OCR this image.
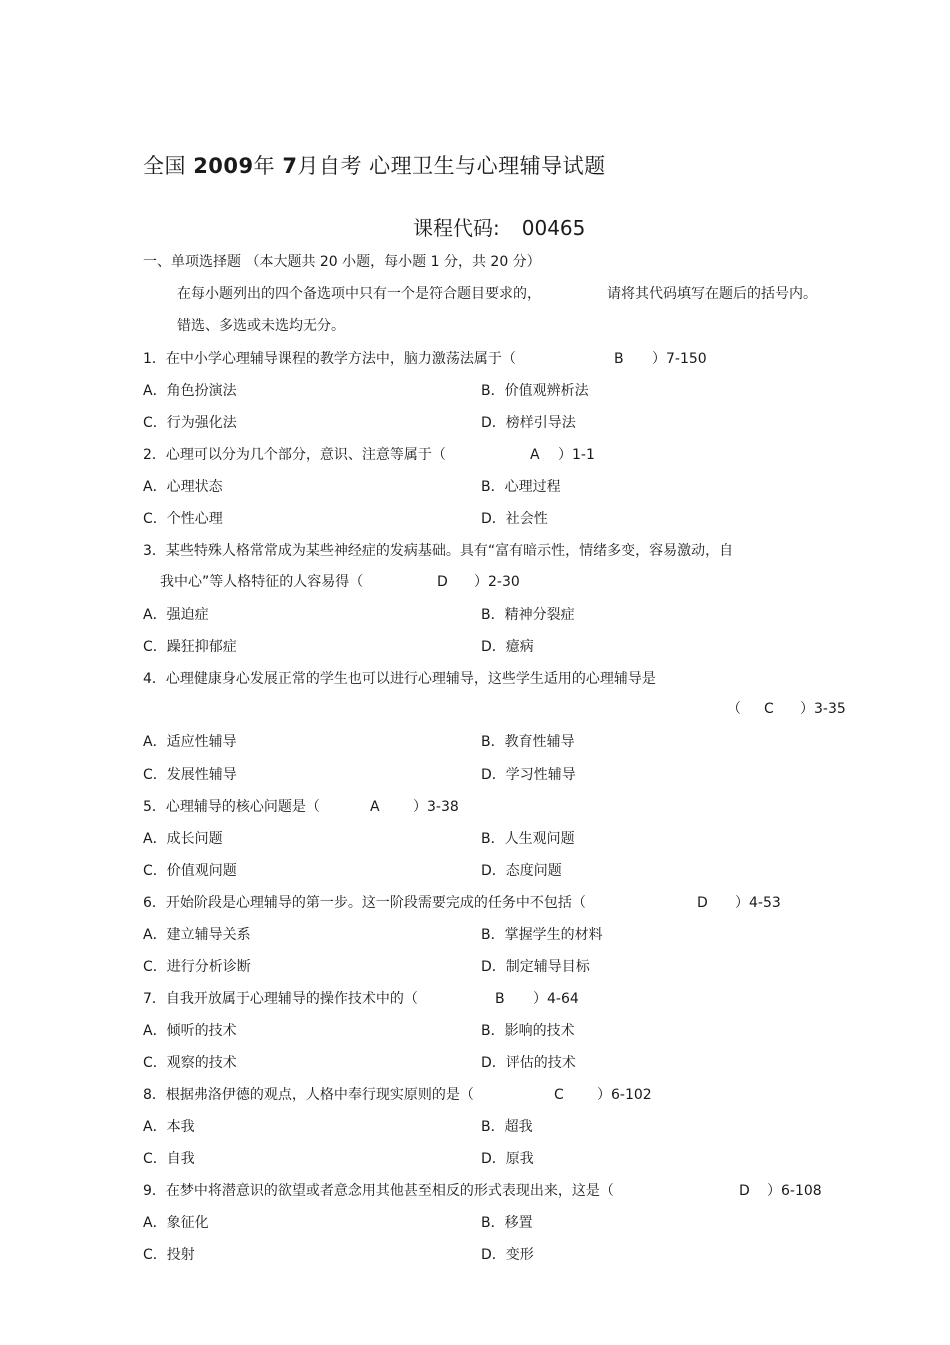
全国 2009年 7月自考 心理卫生与心理辅导试题
课程代码: 00465
一、单项选择题 （本大题共 20 小题，每小题 1 分，共 20 分）
在每小题列出的四个备选项中只有一个是符合题目要求的，	请将其代码填写在题后的括号内。
错选、多选或未选均无分。
1．在中小学心理辅导课程的教学方法中，脑力激荡法属于（	B ）7-150
A．角色扮演法	B．价值观辨析法
C．行为强化法	D．榜样引导法
2．心理可以分为几个部分，意识、注意等属于（	A ）1-1
A．心理状态	B．心理过程
C．个性心理	D．社会性
3．某些特殊人格常常成为某些神经症的发病基础。具有“富有暗示性，情绪多变，容易激动，自
我中心”等人格特征的人容易得（	D ）2-30
A．强迫症	B．精神分裂症
C．躁狂抑郁症	D．癔病
4．心理健康身心发展正常的学生也可以进行心理辅导，这些学生适用的心理辅导是
（ C ）3-35
A．适应性辅导	B．教育性辅导
C．发展性辅导	D．学习性辅导
5．心理辅导的核心问题是（	A ）3-38
A．成长问题	B．人生观问题
C．价值观问题	D．态度问题
6．开始阶段是心理辅导的第一步。这一阶段需要完成的任务中不包括（	D ）4-53
A．建立辅导关系	B．掌握学生的材料
C．进行分析诊断	D．制定辅导目标
7．自我开放属于心理辅导的操作技术中的（	B ）4-64
A．倾听的技术	B．影响的技术
C．观察的技术	D．评估的技术
8．根据弗洛伊德的观点，人格中奉行现实原则的是（	C ）6-102
A．本我	B．超我
C．自我	D．原我
9．在梦中将潜意识的欲望或者意念用其他甚至相反的形式表现出来，这是（	D ）6-108
A．象征化	B．移置
C．投射	D．变形
